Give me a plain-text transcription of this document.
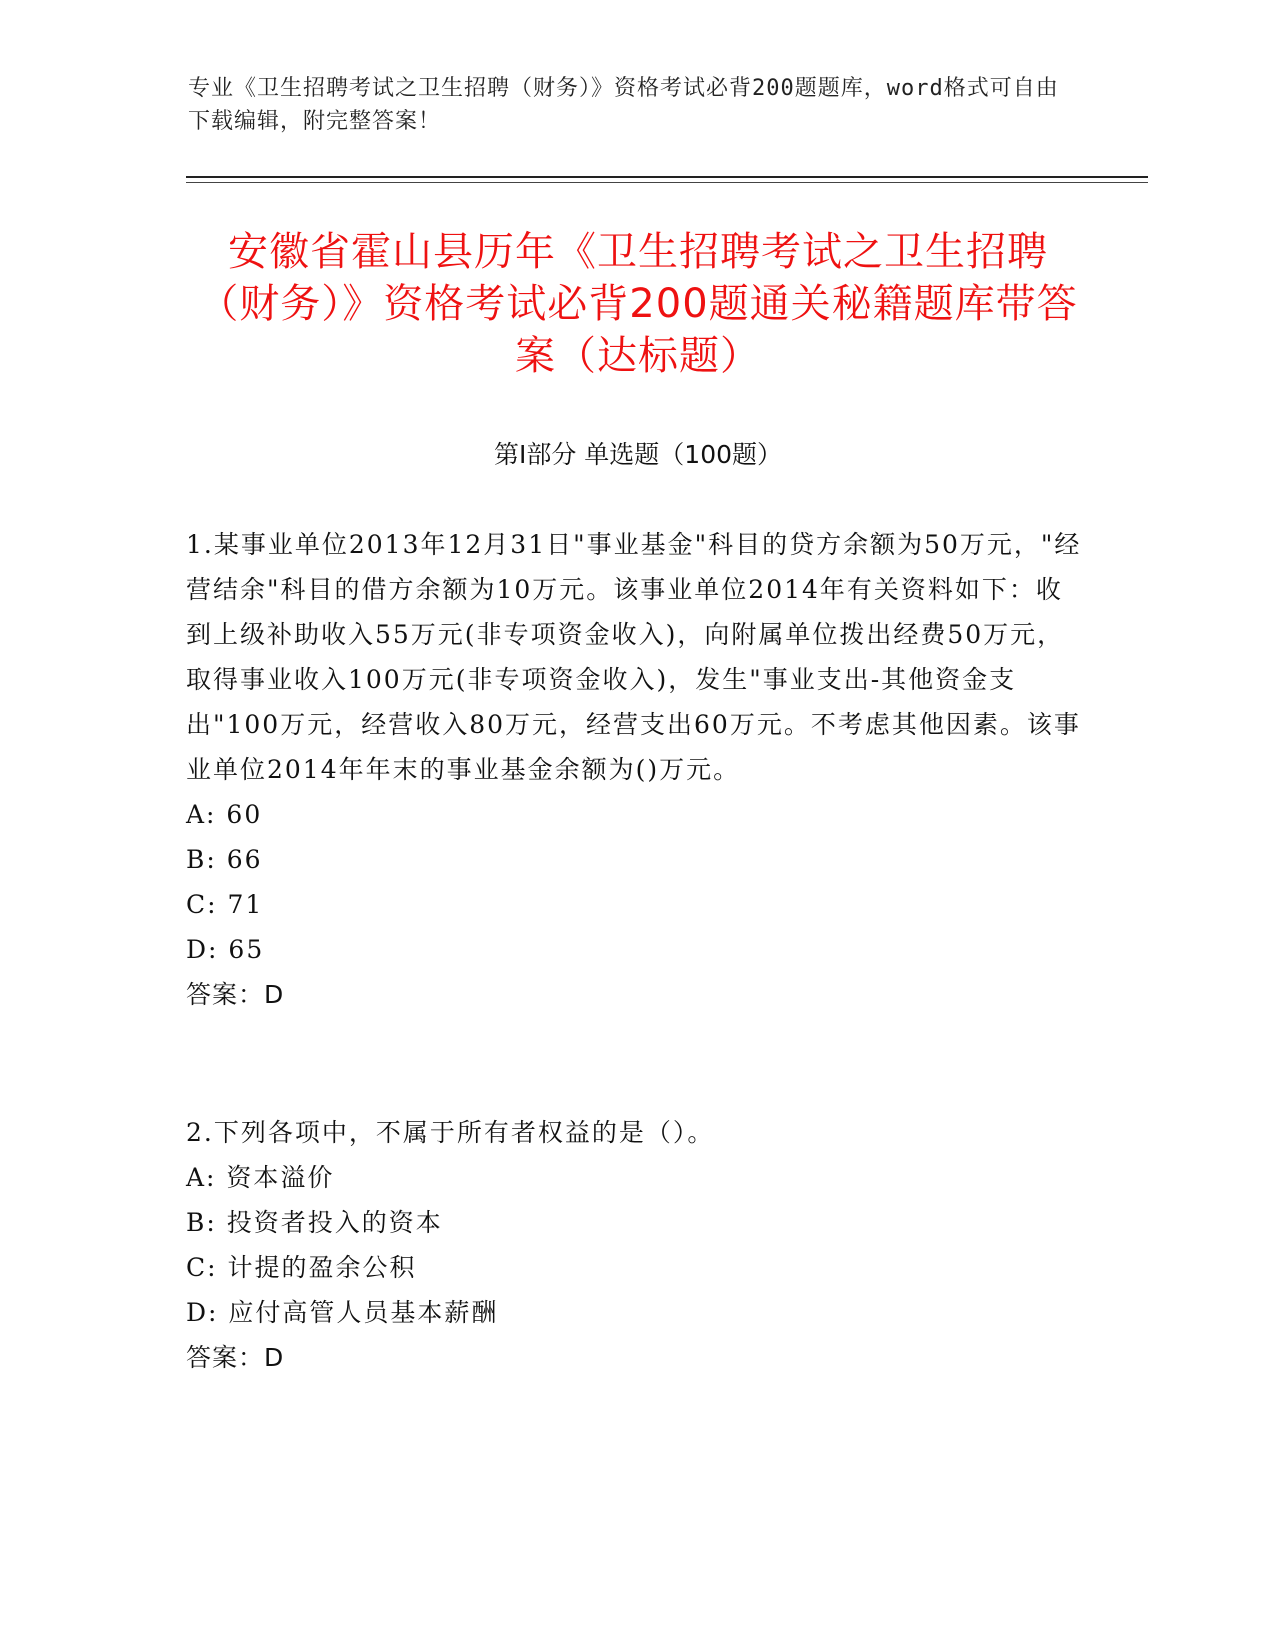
专业《卫生招聘考试之卫生招聘（财务）》资格考试必背200题题库，word格式可自由下载编辑，附完整答案！
安徽省霍山县历年《卫生招聘考试之卫生招聘（财务）》资格考试必背200题通关秘籍题库带答案（达标题）
第I部分 单选题（100题）
1.某事业单位2013年12月31日"事业基金"科目的贷方余额为50万元，"经营结余"科目的借方余额为10万元。该事业单位2014年有关资料如下：收到上级补助收入55万元(非专项资金收入)，向附属单位拨出经费50万元，取得事业收入100万元(非专项资金收入)，发生"事业支出-其他资金支出"100万元，经营收入80万元，经营支出60万元。不考虑其他因素。该事业单位2014年年末的事业基金余额为()万元。
A: 60
B: 66
C: 71
D: 65
答案：D
2.下列各项中，不属于所有者权益的是（）。
A: 资本溢价
B: 投资者投入的资本
C: 计提的盈余公积
D: 应付高管人员基本薪酬
答案：D
